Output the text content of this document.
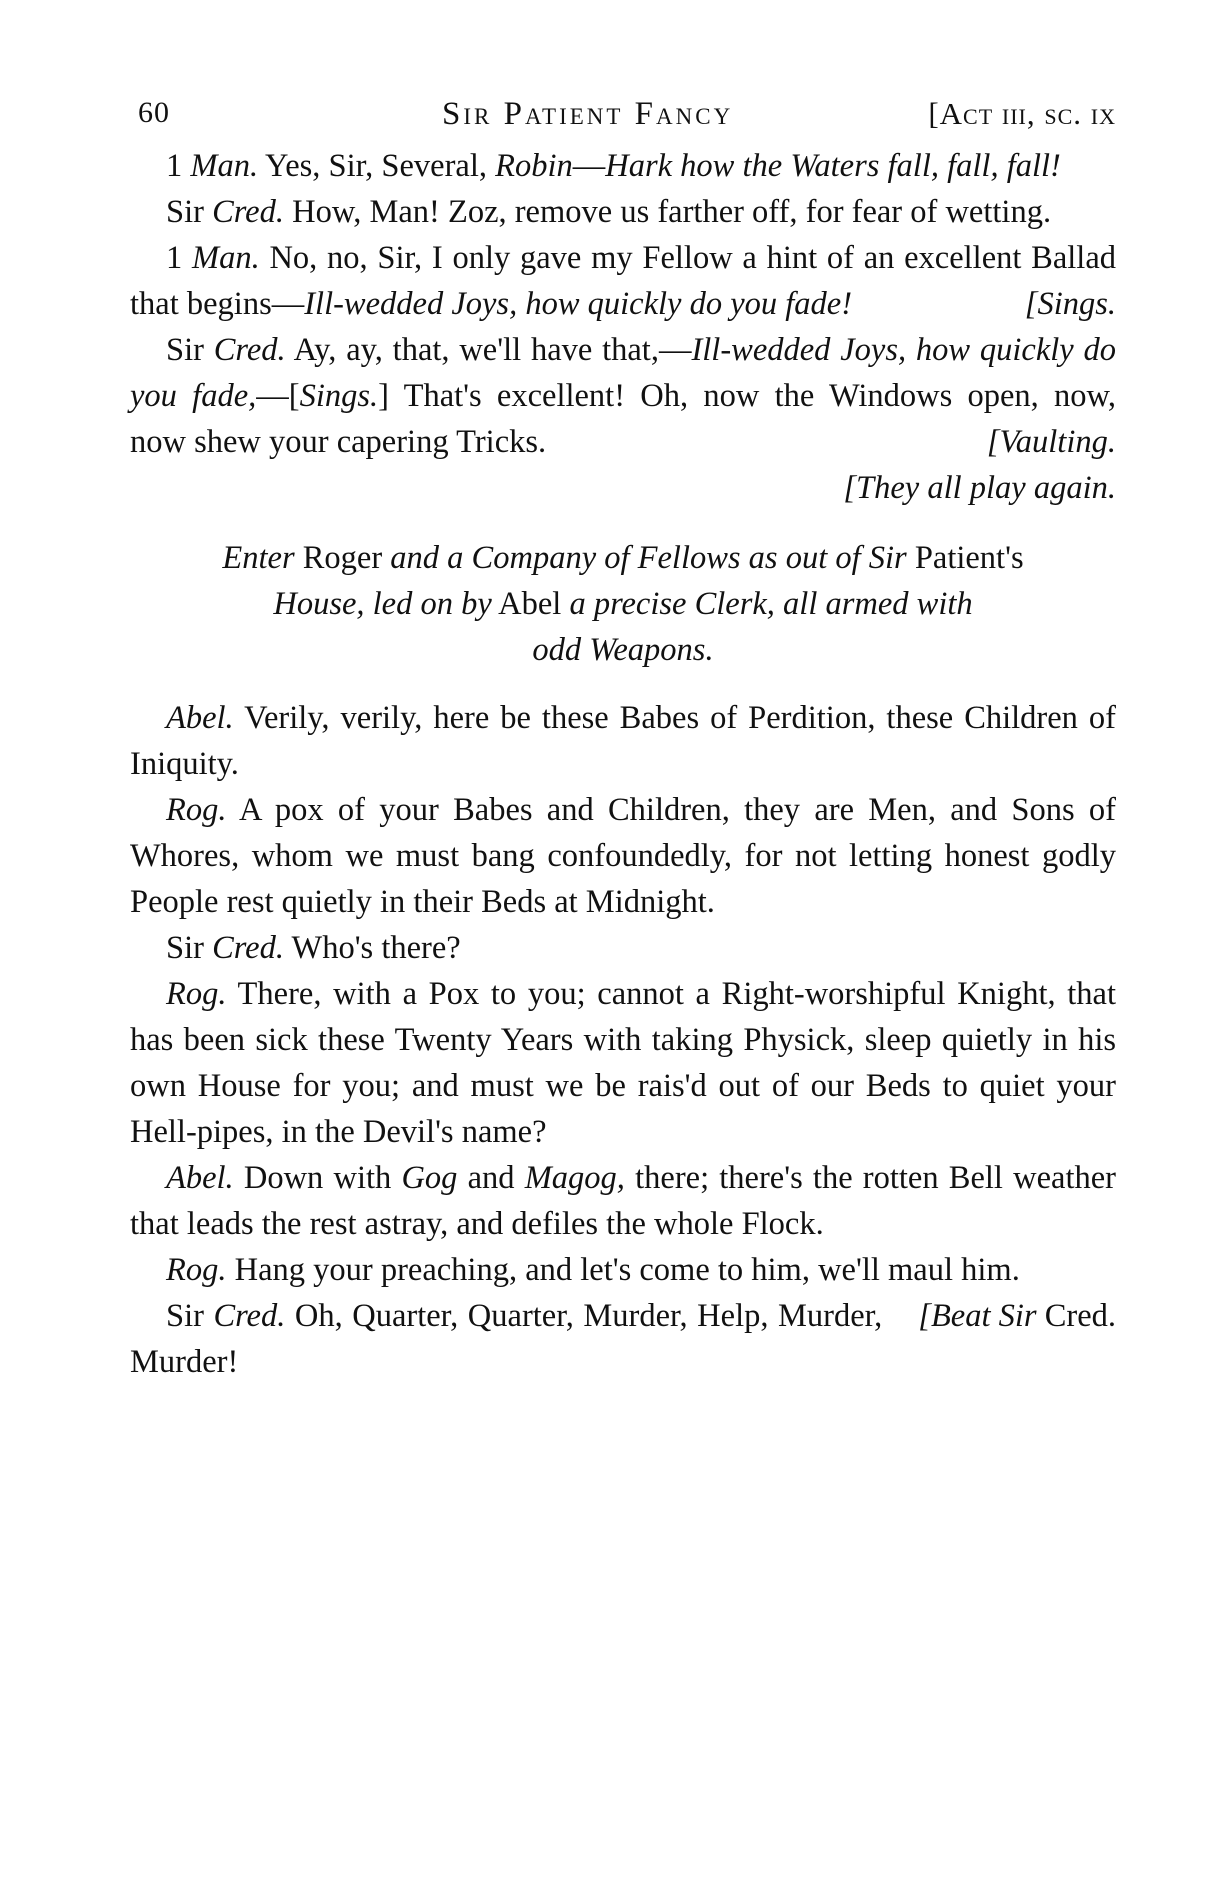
60	Sir Patient Fancy	[Act iii, sc. ix

1 Man. Yes, Sir, Several, Robin—Hark how the Waters fall, fall, fall!

Sir Cred. How, Man! Zoz, remove us farther off, for fear of wetting.

1 Man. No, no, Sir, I only gave my Fellow a hint of an excellent Ballad that begins—Ill-wedded Joys, how quickly do you fade!	[Sings.

Sir Cred. Ay, ay, that, we'll have that,—Ill-wedded Joys, how quickly do you fade,—[Sings.] That's excellent! Oh, now the Windows open, now, now shew your capering Tricks.	[Vaulting.

[They all play again.

Enter Roger and a Company of Fellows as out of Sir Patient's
House, led on by Abel a precise Clerk, all armed with
odd Weapons.

Abel. Verily, verily, here be these Babes of Perdition, these Children of Iniquity.

Rog. A pox of your Babes and Children, they are Men, and Sons of Whores, whom we must bang confoundedly, for not letting honest godly People rest quietly in their Beds at Midnight.

Sir Cred. Who's there?

Rog. There, with a Pox to you; cannot a Right-worshipful Knight, that has been sick these Twenty Years with taking Physick, sleep quietly in his own House for you; and must we be rais'd out of our Beds to quiet your Hell-pipes, in the Devil's name?

Abel. Down with Gog and Magog, there; there's the rotten Bell weather that leads the rest astray, and defiles the whole Flock.

Rog. Hang your preaching, and let's come to him, we'll maul him.
[Beat Sir Cred.

Sir Cred. Oh, Quarter, Quarter, Murder, Help, Murder, Murder!
